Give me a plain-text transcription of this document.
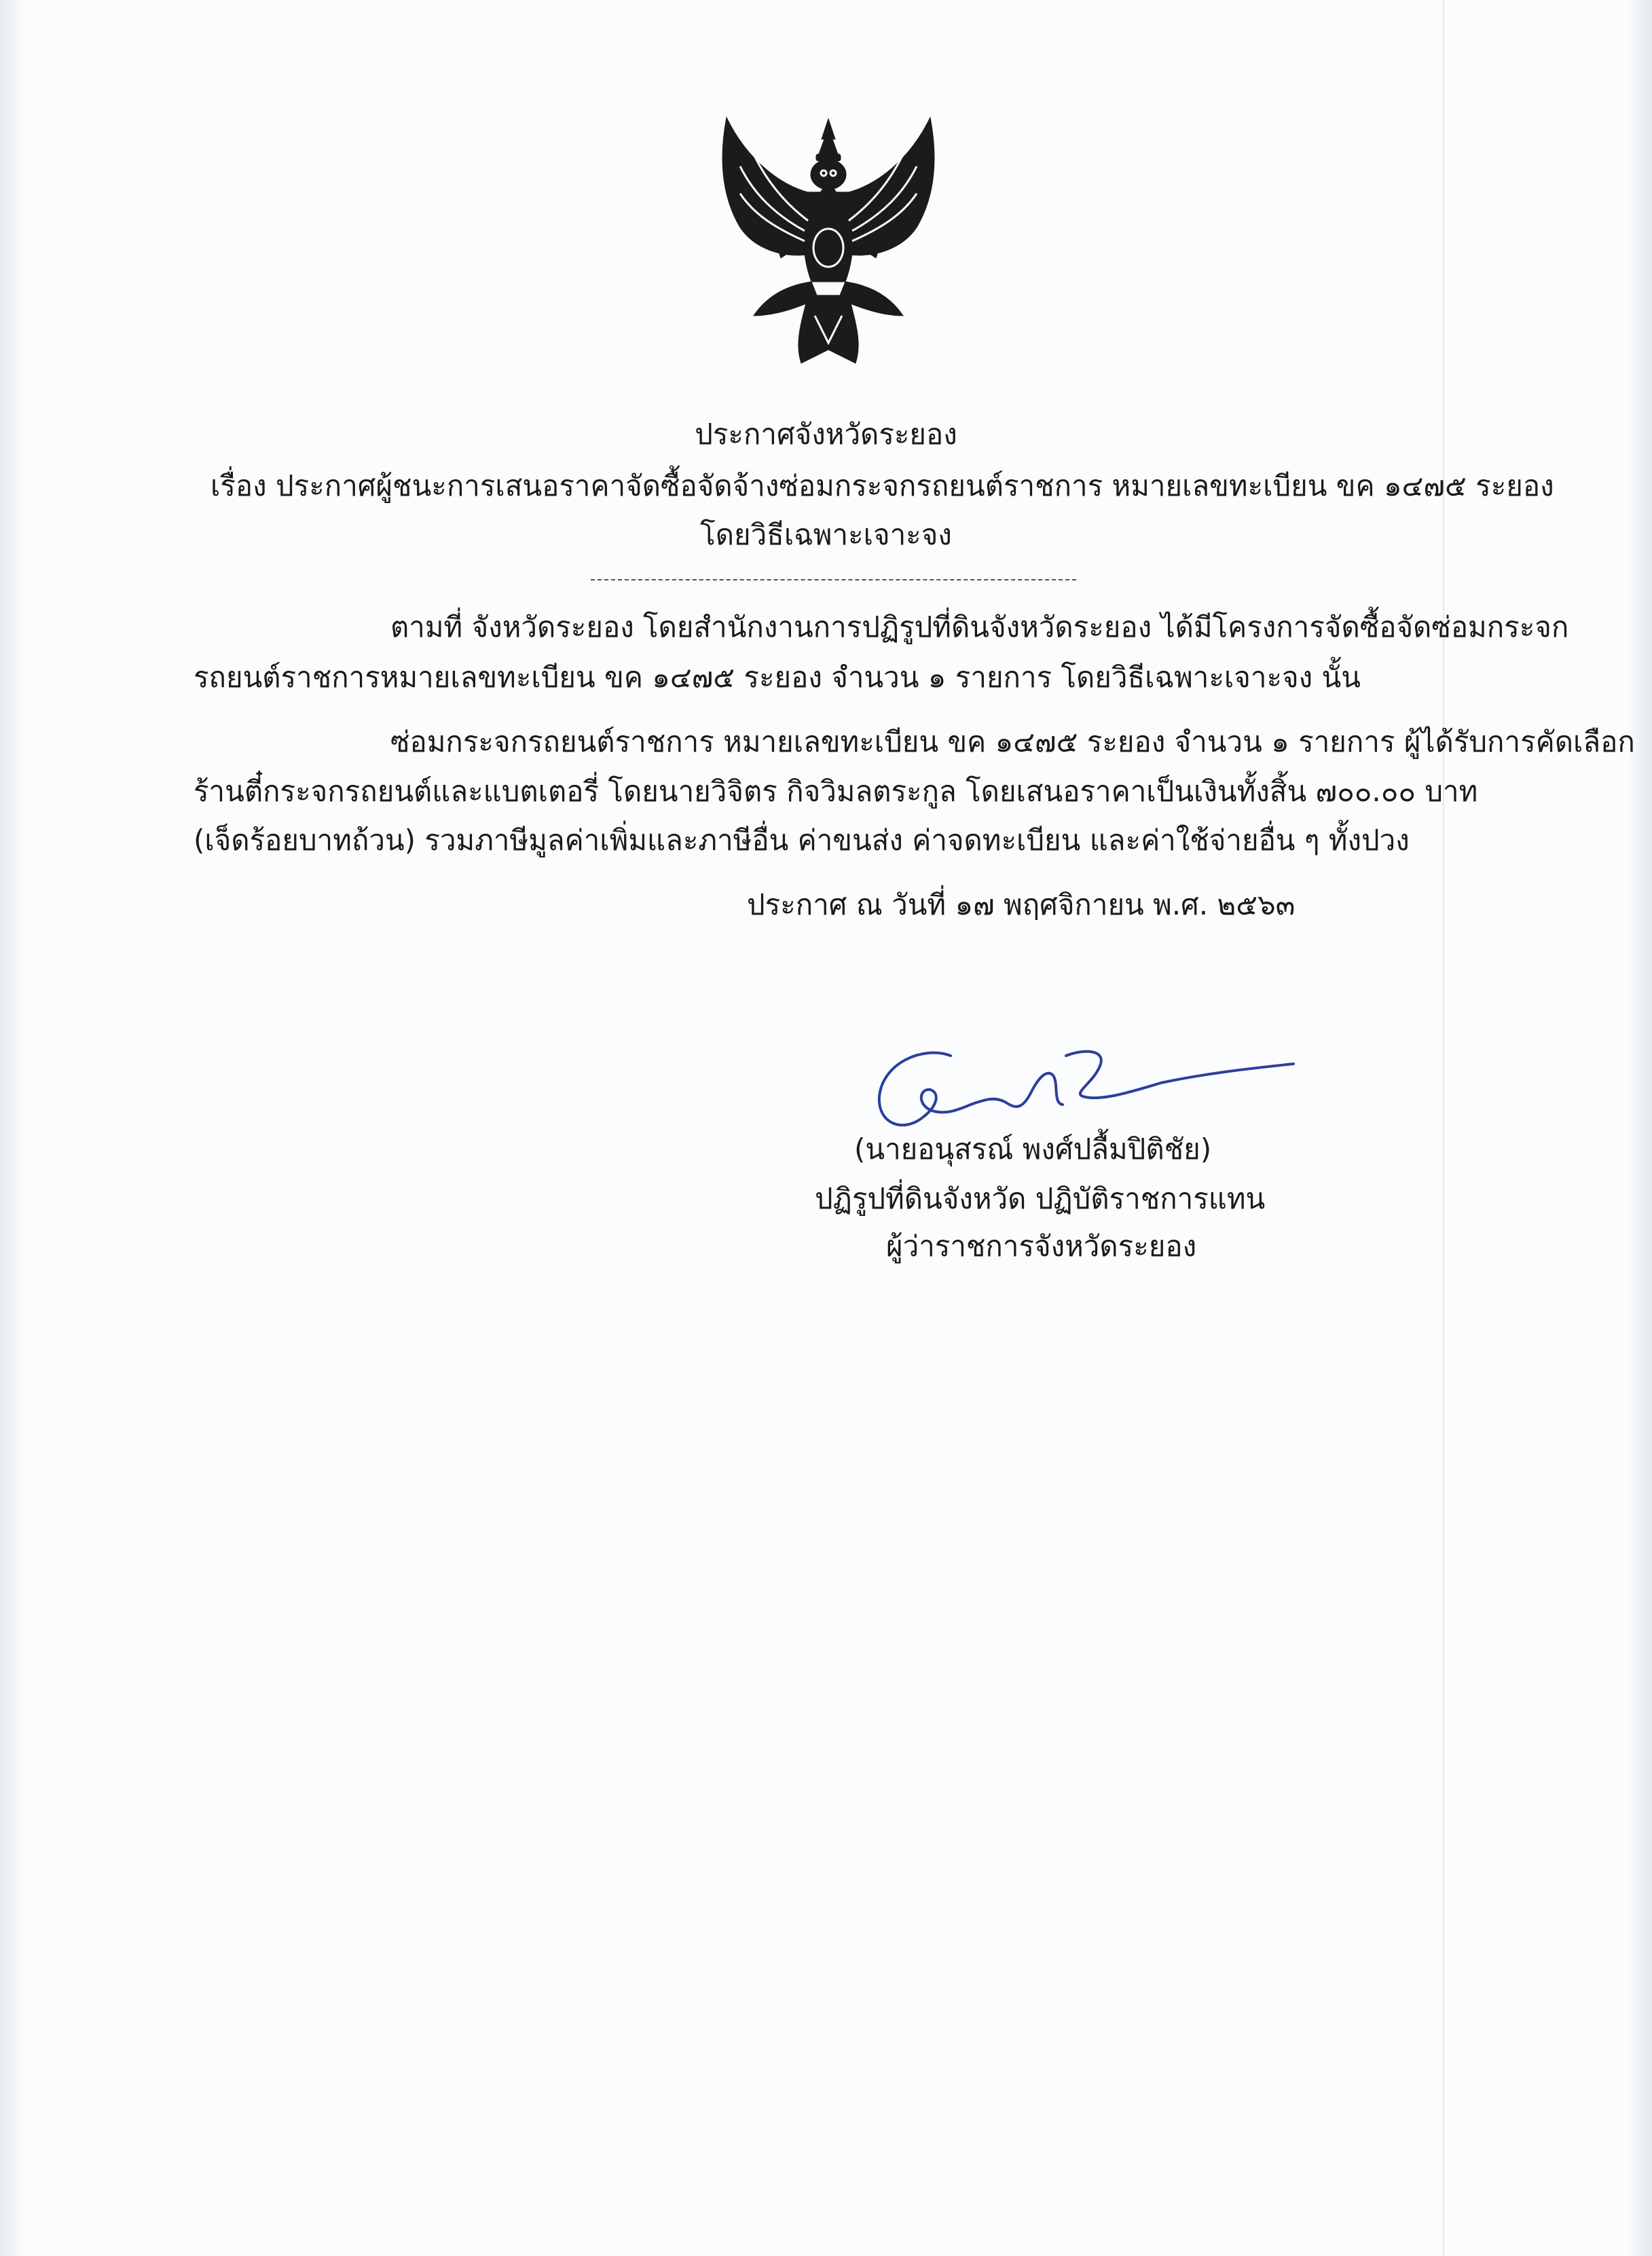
ประกาศจังหวัดระยอง

เรื่อง ประกาศผู้ชนะการเสนอราคาจัดซื้อจัดจ้างซ่อมกระจกรถยนต์ราชการ หมายเลขทะเบียน ขค ๑๔๗๕ ระยอง

โดยวิธีเฉพาะเจาะจง

ตามที่ จังหวัดระยอง โดยสำนักงานการปฏิรูปที่ดินจังหวัดระยอง ได้มีโครงการจัดซื้อจัดซ่อมกระจก

รถยนต์ราชการหมายเลขทะเบียน ขค ๑๔๗๕ ระยอง จำนวน ๑ รายการ โดยวิธีเฉพาะเจาะจง นั้น

ซ่อมกระจกรถยนต์ราชการ หมายเลขทะเบียน ขค ๑๔๗๕ ระยอง จำนวน ๑ รายการ ผู้ได้รับการคัดเลือก

ร้านตี๋กระจกรถยนต์และแบตเตอรี่ โดยนายวิจิตร กิจวิมลตระกูล โดยเสนอราคาเป็นเงินทั้งสิ้น ๗๐๐.๐๐ บาท

(เจ็ดร้อยบาทถ้วน) รวมภาษีมูลค่าเพิ่มและภาษีอื่น ค่าขนส่ง ค่าจดทะเบียน และค่าใช้จ่ายอื่น ๆ ทั้งปวง

ประกาศ ณ วันที่ ๑๗ พฤศจิกายน พ.ศ. ๒๕๖๓

(นายอนุสรณ์ พงศ์ปลื้มปิติชัย)

ปฏิรูปที่ดินจังหวัด ปฏิบัติราชการแทน

ผู้ว่าราชการจังหวัดระยอง
